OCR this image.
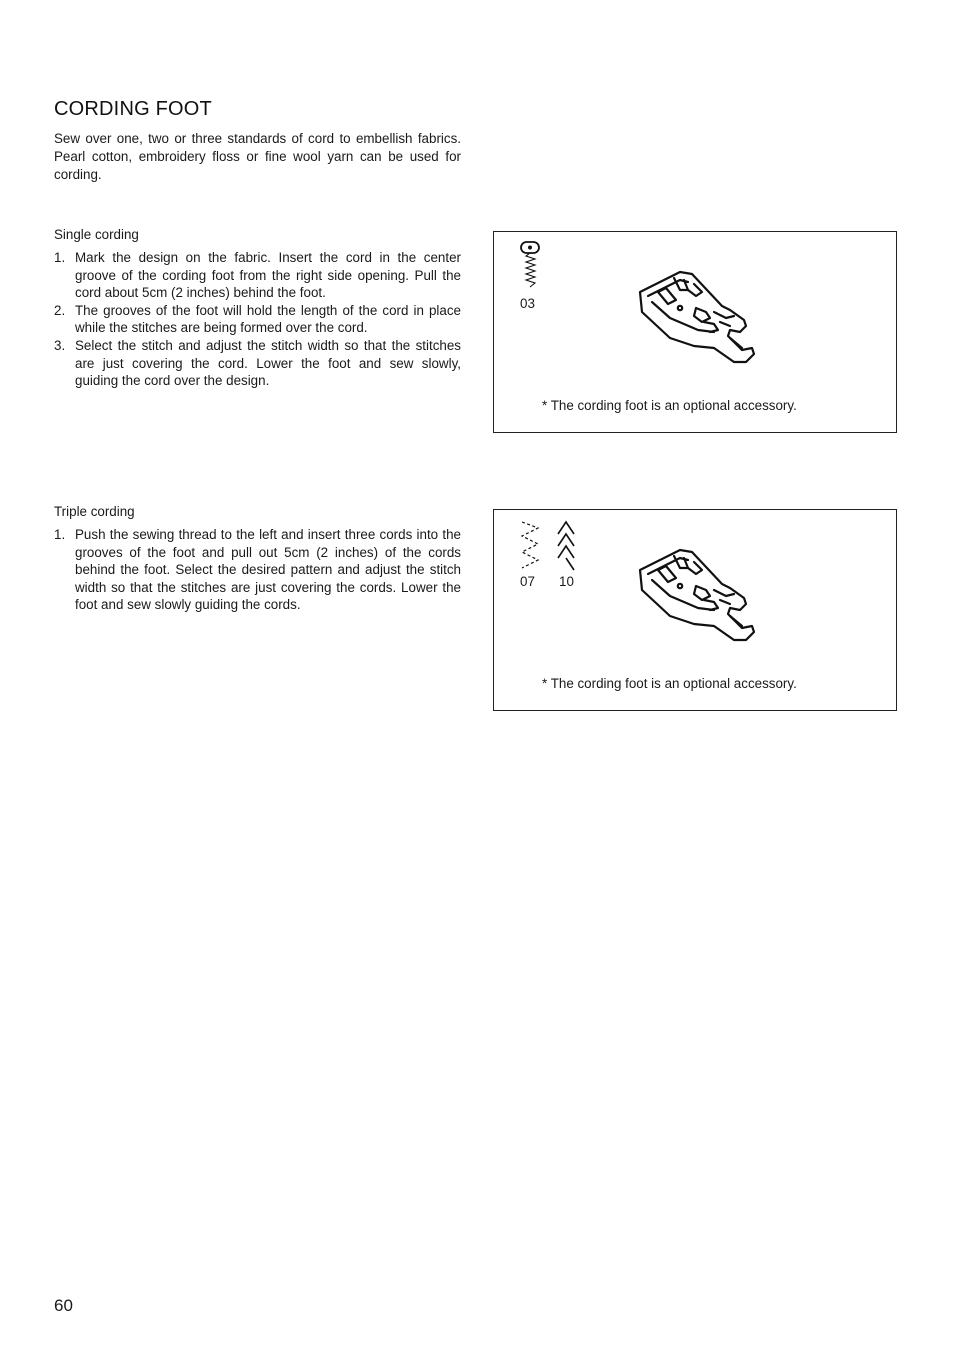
CORDING FOOT
Sew over one, two or three standards of cord to embellish fabrics. Pearl cotton, embroidery floss or fine wool yarn can be used for cording.
Single cording
1. Mark the design on the fabric. Insert the cord in the center groove of the cording foot from the right side opening. Pull the cord about 5cm (2 inches) behind the foot.
2. The grooves of the foot will hold the length of the cord in place while the stitches are being formed over the cord.
3. Select the stitch and adjust the stitch width so that the stitches are just covering the cord. Lower the foot and sew slowly, guiding the cord over the design.
03
* The cording foot is an optional accessory.
Triple cording
1. Push the sewing thread to the left and insert three cords into the grooves of the foot and pull out 5cm (2 inches) of the cords behind the foot. Select the desired pattern and adjust the stitch width so that the stitches are just covering the cords. Lower the foot and sew slowly guiding the cords.
07 10
* The cording foot is an optional accessory.
60
